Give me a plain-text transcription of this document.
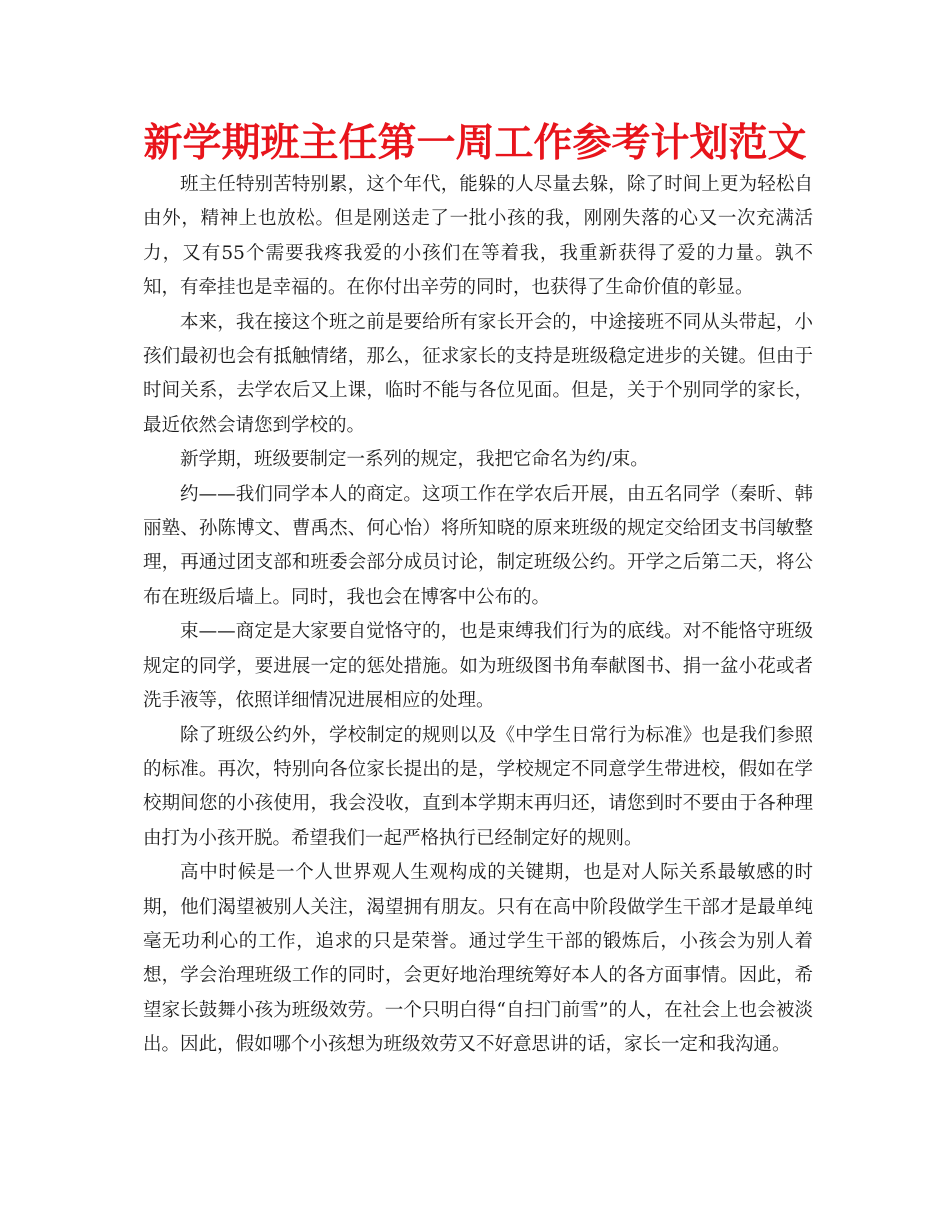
新学期班主任第一周工作参考计划范文

班主任特别苦特别累，这个年代，能躲的人尽量去躲，除了时间上更为轻松自由外，精神上也放松。但是刚送走了一批小孩的我，刚刚失落的心又一次充满活力，又有55个需要我疼我爱的小孩们在等着我，我重新获得了爱的力量。孰不知，有牵挂也是幸福的。在你付出辛劳的同时，也获得了生命价值的彰显。

本来，我在接这个班之前是要给所有家长开会的，中途接班不同从头带起，小孩们最初也会有抵触情绪，那么，征求家长的支持是班级稳定进步的关键。但由于时间关系，去学农后又上课，临时不能与各位见面。但是，关于个别同学的家长，最近依然会请您到学校的。

新学期，班级要制定一系列的规定，我把它命名为约/束。

约——我们同学本人的商定。这项工作在学农后开展，由五名同学（秦昕、韩丽塾、孙陈博文、曹禹杰、何心怡）将所知晓的原来班级的规定交给团支书闫敏整理，再通过团支部和班委会部分成员讨论，制定班级公约。开学之后第二天，将公布在班级后墙上。同时，我也会在博客中公布的。

束——商定是大家要自觉恪守的，也是束缚我们行为的底线。对不能恪守班级规定的同学，要进展一定的惩处措施。如为班级图书角奉献图书、捐一盆小花或者洗手液等，依照详细情况进展相应的处理。

除了班级公约外，学校制定的规则以及《中学生日常行为标准》也是我们参照的标准。再次，特别向各位家长提出的是，学校规定不同意学生带进校，假如在学校期间您的小孩使用，我会没收，直到本学期末再归还，请您到时不要由于各种理由打为小孩开脱。希望我们一起严格执行已经制定好的规则。

高中时候是一个人世界观人生观构成的关键期，也是对人际关系最敏感的时期，他们渴望被别人关注，渴望拥有朋友。只有在高中阶段做学生干部才是最单纯毫无功利心的工作，追求的只是荣誉。通过学生干部的锻炼后，小孩会为别人着想，学会治理班级工作的同时，会更好地治理统筹好本人的各方面事情。因此，希望家长鼓舞小孩为班级效劳。一个只明白得“自扫门前雪”的人，在社会上也会被淡出。因此，假如哪个小孩想为班级效劳又不好意思讲的话，家长一定和我沟通。
